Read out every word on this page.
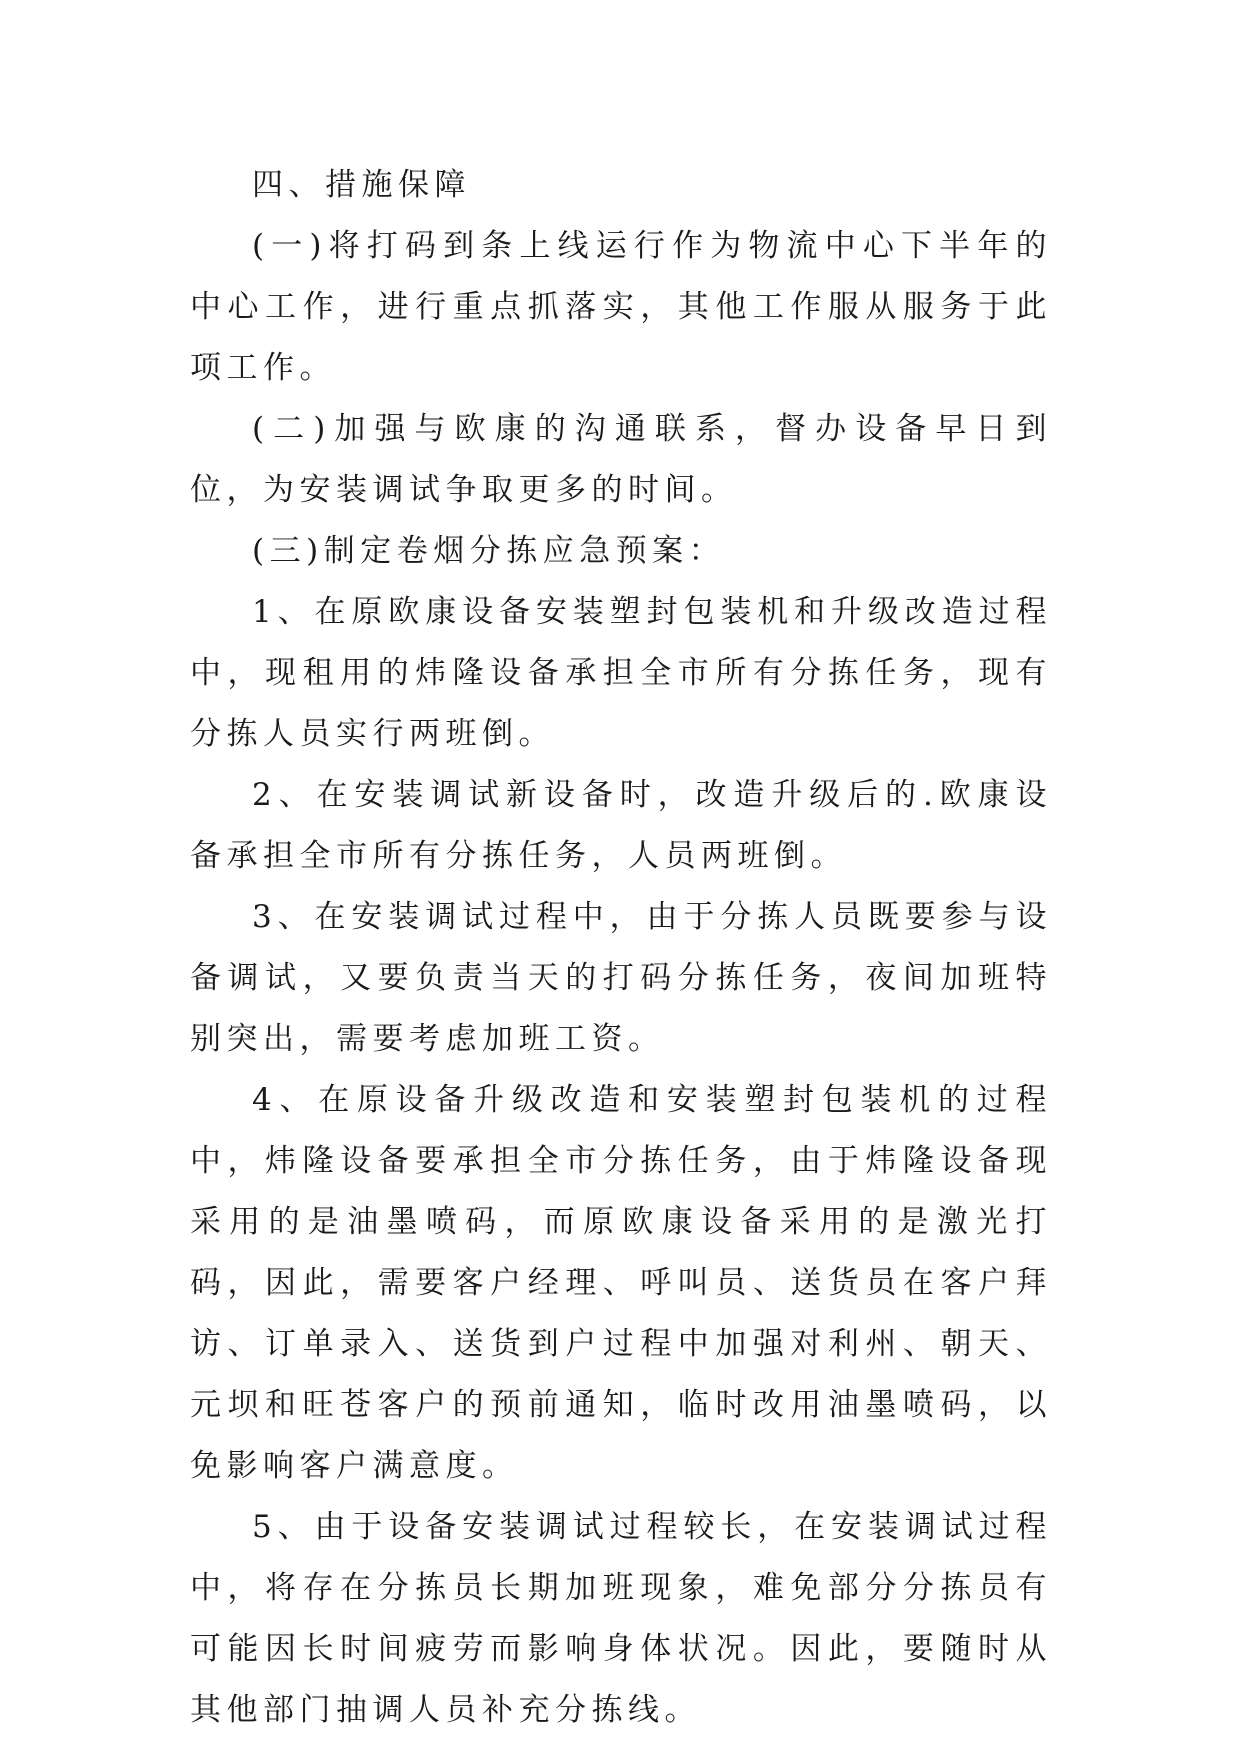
四、措施保障

(一)将打码到条上线运行作为物流中心下半年的中心工作，进行重点抓落实，其他工作服从服务于此项工作。

(二)加强与欧康的沟通联系，督办设备早日到位，为安装调试争取更多的时间。

(三)制定卷烟分拣应急预案：

1、在原欧康设备安装塑封包装机和升级改造过程中，现租用的炜隆设备承担全市所有分拣任务，现有分拣人员实行两班倒。

2、在安装调试新设备时，改造升级后的.欧康设备承担全市所有分拣任务，人员两班倒。

3、在安装调试过程中，由于分拣人员既要参与设备调试，又要负责当天的打码分拣任务，夜间加班特别突出，需要考虑加班工资。

4、在原设备升级改造和安装塑封包装机的过程中，炜隆设备要承担全市分拣任务，由于炜隆设备现采用的是油墨喷码，而原欧康设备采用的是激光打码，因此，需要客户经理、呼叫员、送货员在客户拜访、订单录入、送货到户过程中加强对利州、朝天、元坝和旺苍客户的预前通知，临时改用油墨喷码，以免影响客户满意度。

5、由于设备安装调试过程较长，在安装调试过程中，将存在分拣员长期加班现象，难免部分分拣员有可能因长时间疲劳而影响身体状况。因此，要随时从其他部门抽调人员补充分拣线。
